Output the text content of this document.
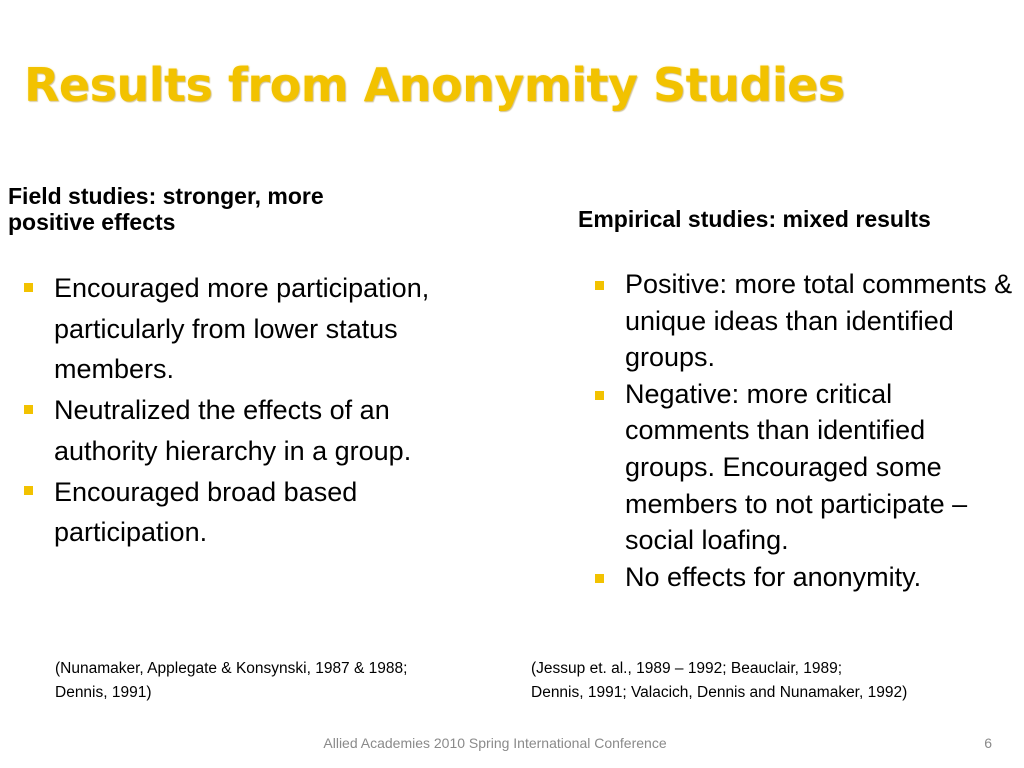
Results from Anonymity Studies
Field studies: stronger, more positive effects
Encouraged more participation, particularly from lower status members.
Neutralized the effects of an authority hierarchy in a group.
Encouraged broad based participation.
Empirical studies: mixed results
Positive: more total comments & unique ideas than identified groups.
Negative: more critical comments than identified groups. Encouraged some members to not participate – social loafing.
No effects for anonymity.
(Nunamaker, Applegate & Konsynski, 1987 & 1988;
Dennis, 1991)
(Jessup et. al., 1989 – 1992; Beauclair, 1989;
Dennis, 1991; Valacich, Dennis and Nunamaker, 1992)
Allied Academies 2010 Spring International Conference	6
